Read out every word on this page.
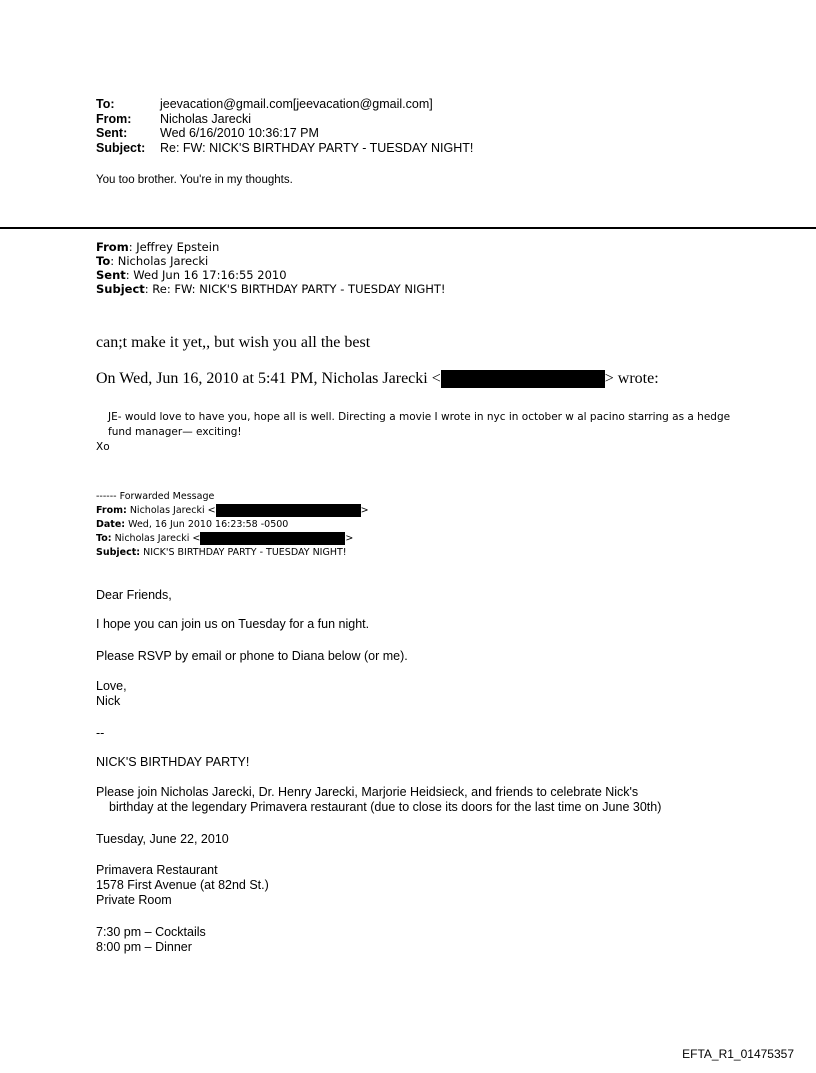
To:	jeevacation@gmail.com[jeevacation@gmail.com]
From:	Nicholas Jarecki
Sent:	Wed 6/16/2010 10:36:17 PM
Subject:	Re: FW: NICK'S BIRTHDAY PARTY - TUESDAY NIGHT!
You too brother. You're in my thoughts.
From: Jeffrey Epstein
To: Nicholas Jarecki
Sent: Wed Jun 16 17:16:55 2010
Subject: Re: FW: NICK'S BIRTHDAY PARTY - TUESDAY NIGHT!
can;t make it yet,, but wish you all the best
On Wed, Jun 16, 2010 at 5:41 PM, Nicholas Jarecki <	> wrote:
JE- would love to have you, hope all is well. Directing a movie I wrote in nyc in october w al pacino starring as a hedge fund manager— exciting!
Xo
------ Forwarded Message
From: Nicholas Jarecki <	>
Date: Wed, 16 Jun 2010 16:23:58 -0500
To: Nicholas Jarecki <	>
Subject: NICK'S BIRTHDAY PARTY - TUESDAY NIGHT!
Dear Friends,
I hope you can join us on Tuesday for a fun night.
Please RSVP by email or phone to Diana below (or me).
Love,
Nick
--
NICK'S BIRTHDAY PARTY!
Please join Nicholas Jarecki, Dr. Henry Jarecki, Marjorie Heidsieck, and friends to celebrate Nick's
birthday at the legendary Primavera restaurant (due to close its doors for the last time on June 30th)
Tuesday, June 22, 2010
Primavera Restaurant
1578 First Avenue (at 82nd St.)
Private Room
7:30 pm – Cocktails
8:00 pm – Dinner
EFTA_R1_01475357
